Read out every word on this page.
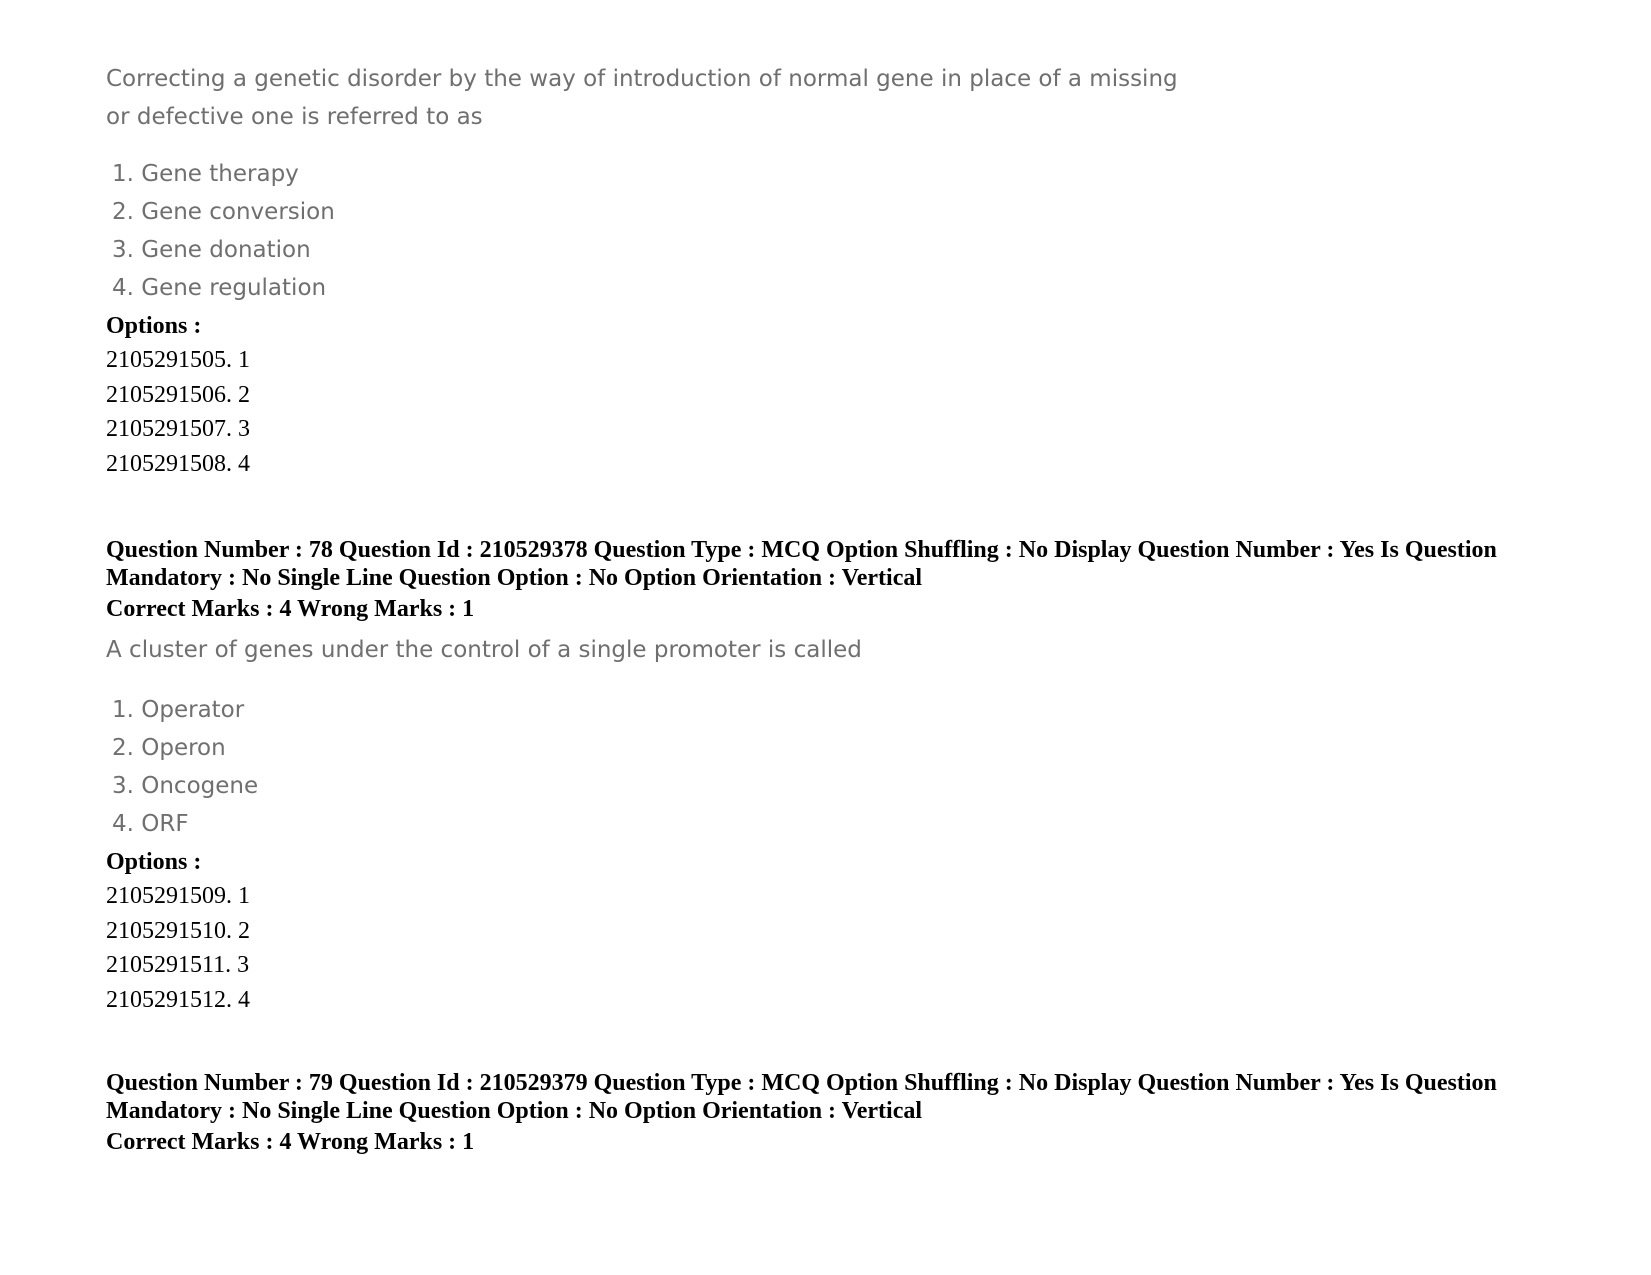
Correcting a genetic disorder by the way of introduction of normal gene in place of a missing

or defective one is referred to as

1. Gene therapy
2. Gene conversion
3. Gene donation
4. Gene regulation

Options :

2105291505. 1

2105291506. 2

2105291507. 3

2105291508. 4

Question Number : 78 Question Id : 210529378 Question Type : MCQ Option Shuffling : No Display Question Number : Yes Is Question

Mandatory : No Single Line Question Option : No Option Orientation : Vertical

Correct Marks : 4 Wrong Marks : 1

A cluster of genes under the control of a single promoter is called

1. Operator
2. Operon
3. Oncogene
4. ORF

Options :

2105291509. 1

2105291510. 2

2105291511. 3

2105291512. 4

Question Number : 79 Question Id : 210529379 Question Type : MCQ Option Shuffling : No Display Question Number : Yes Is Question

Mandatory : No Single Line Question Option : No Option Orientation : Vertical

Correct Marks : 4 Wrong Marks : 1
